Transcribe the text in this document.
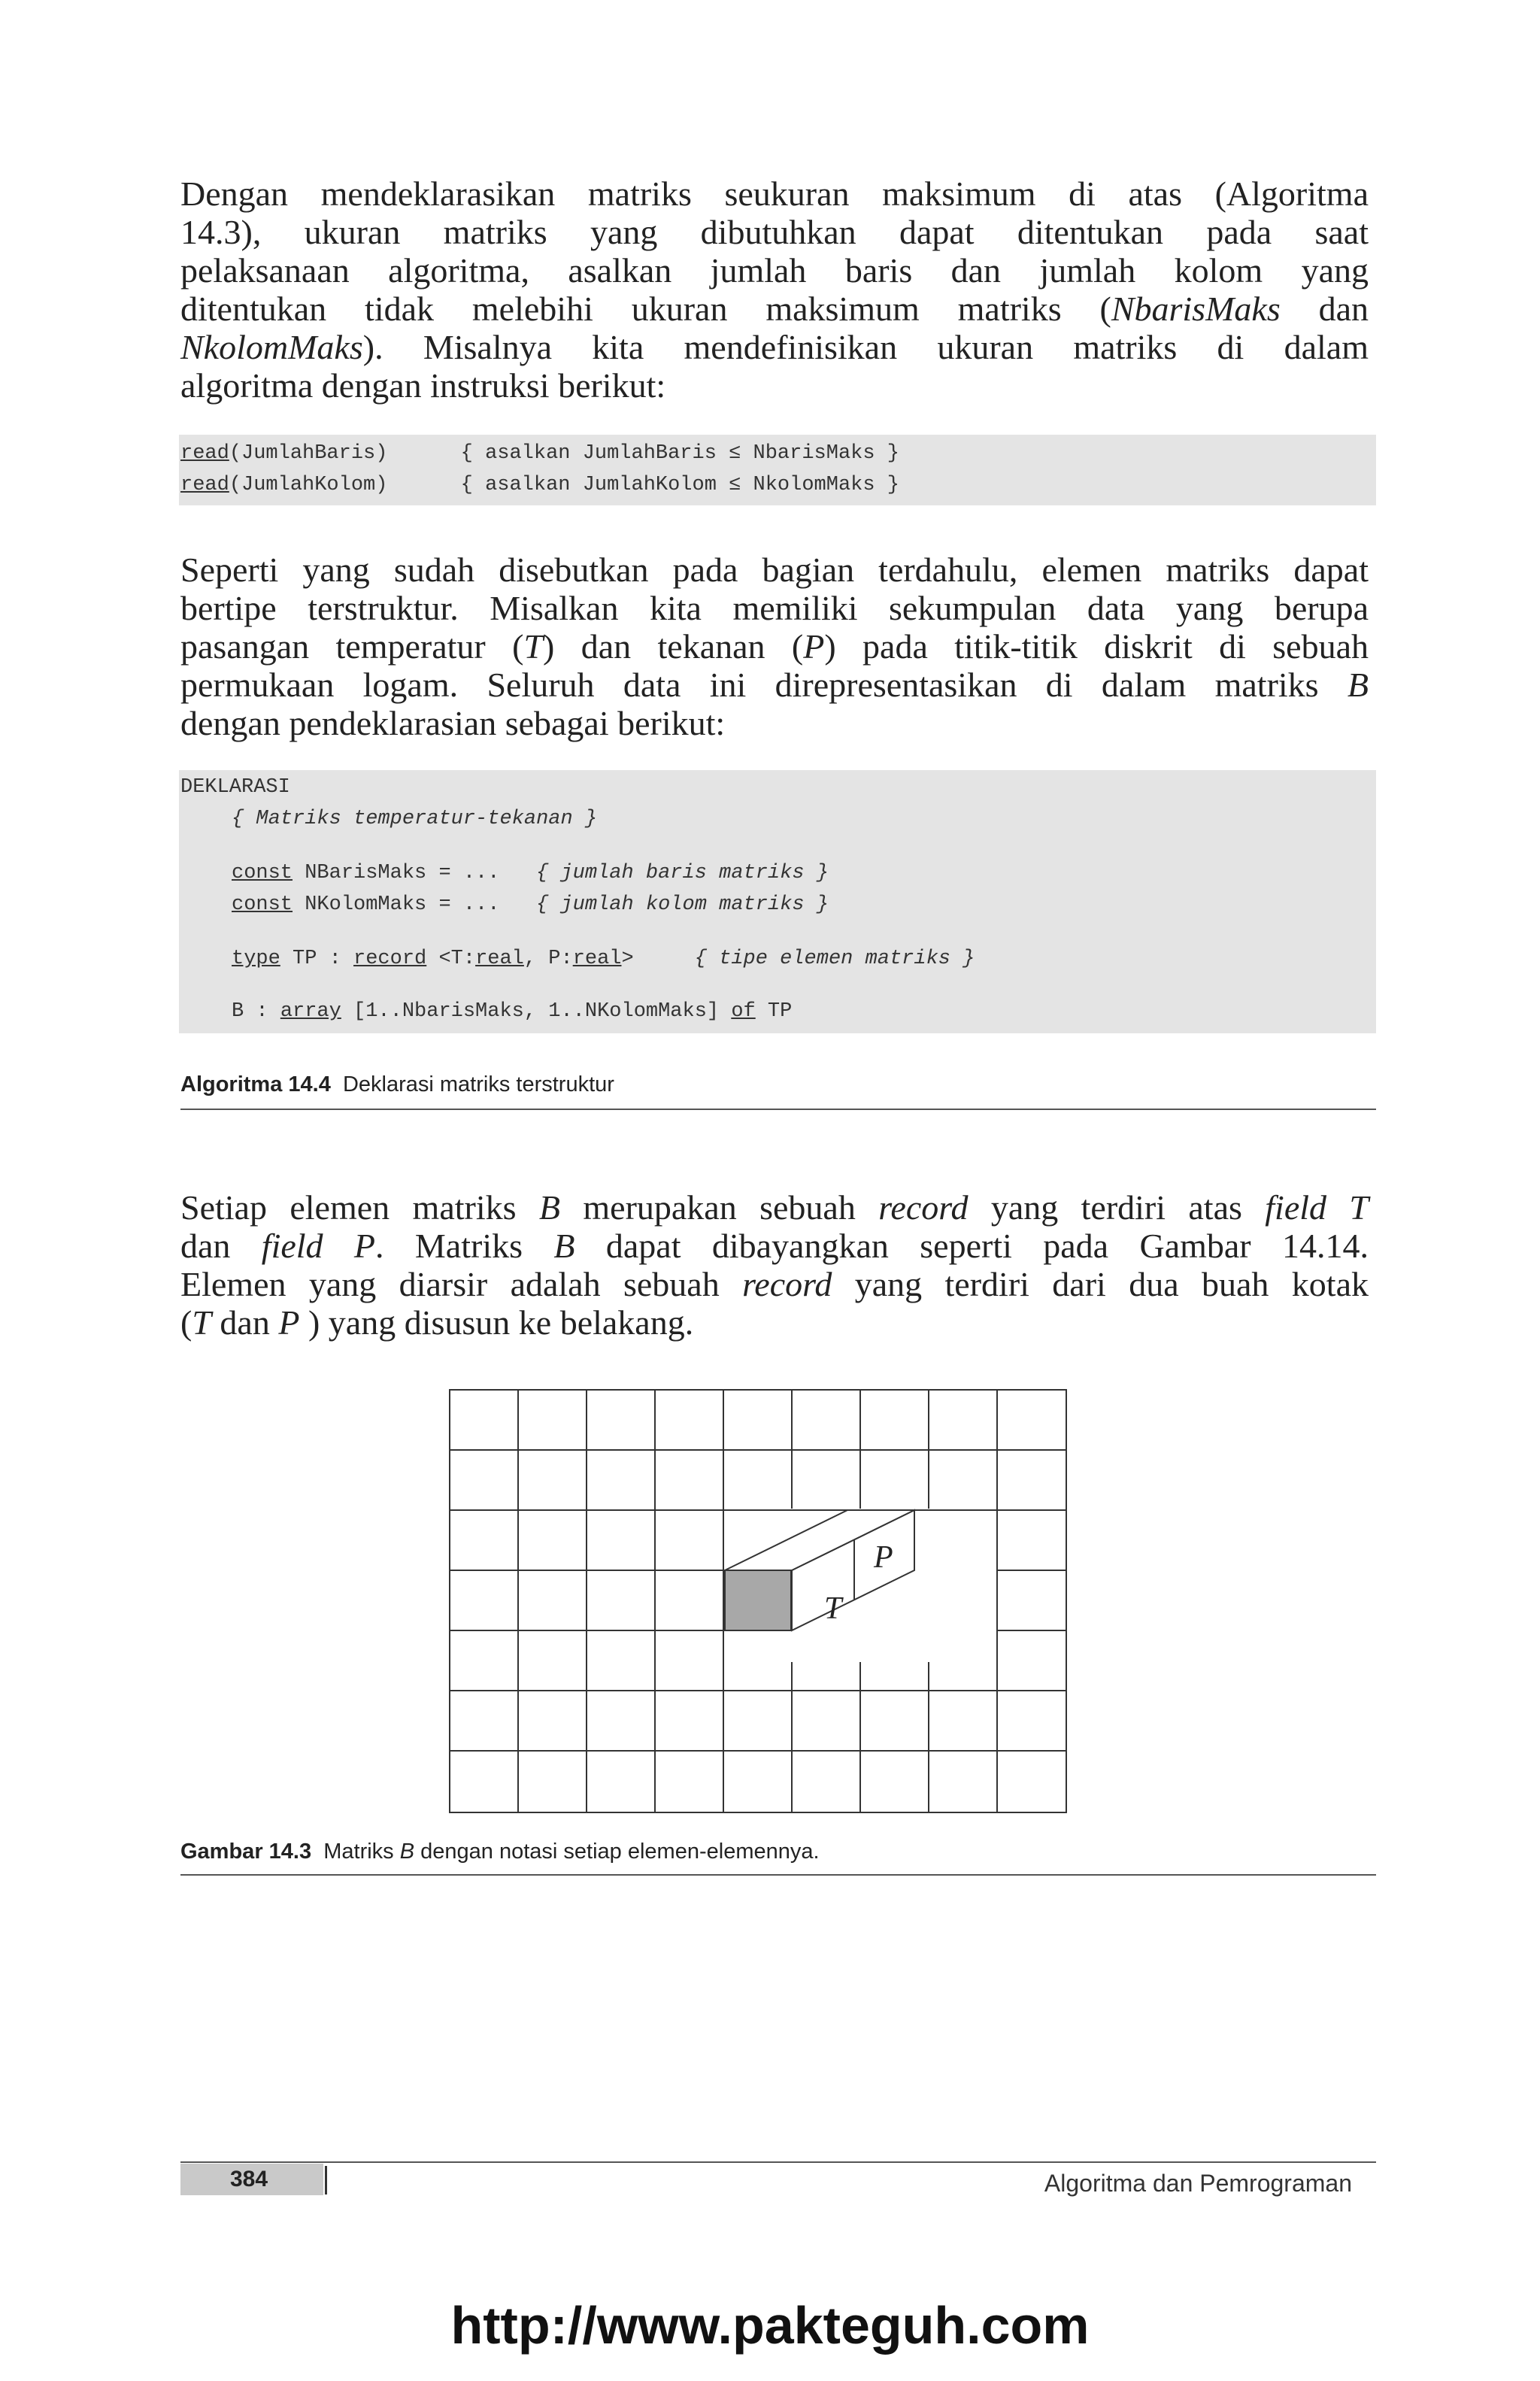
Dengan mendeklarasikan matriks seukuran maksimum di atas (Algoritma
14.3), ukuran matriks yang dibutuhkan dapat ditentukan pada saat
pelaksanaan algoritma, asalkan jumlah baris dan jumlah kolom yang
ditentukan tidak melebihi ukuran maksimum matriks (NbarisMaks dan
NkolomMaks). Misalnya kita mendefinisikan ukuran matriks di dalam
algoritma dengan instruksi berikut:
read(JumlahBaris)      { asalkan JumlahBaris ≤ NbarisMaks }
read(JumlahKolom)      { asalkan JumlahKolom ≤ NkolomMaks }
Seperti yang sudah disebutkan pada bagian terdahulu, elemen matriks dapat
bertipe terstruktur. Misalkan kita memiliki sekumpulan data yang berupa
pasangan temperatur (T) dan tekanan (P) pada titik-titik diskrit di sebuah
permukaan logam. Seluruh data ini direpresentasikan di dalam matriks B
dengan pendeklarasian sebagai berikut:
DEKLARASI
{ Matriks temperatur-tekanan }
const NBarisMaks = ...   { jumlah baris matriks }
const NKolomMaks = ...   { jumlah kolom matriks }
type TP : record <T:real, P:real>     { tipe elemen matriks }
B : array [1..NbarisMaks, 1..NKolomMaks] of TP
Algoritma 14.4 Deklarasi matriks terstruktur
Setiap elemen matriks B merupakan sebuah record yang terdiri atas field T
dan field P. Matriks B dapat dibayangkan seperti pada Gambar 14.14.
Elemen yang diarsir adalah sebuah record yang terdiri dari dua buah kotak
(T dan P ) yang disusun ke belakang.
T
P
Gambar 14.3 Matriks B dengan notasi setiap elemen-elemennya.
384	Algoritma dan Pemrograman
http://www.pakteguh.com
